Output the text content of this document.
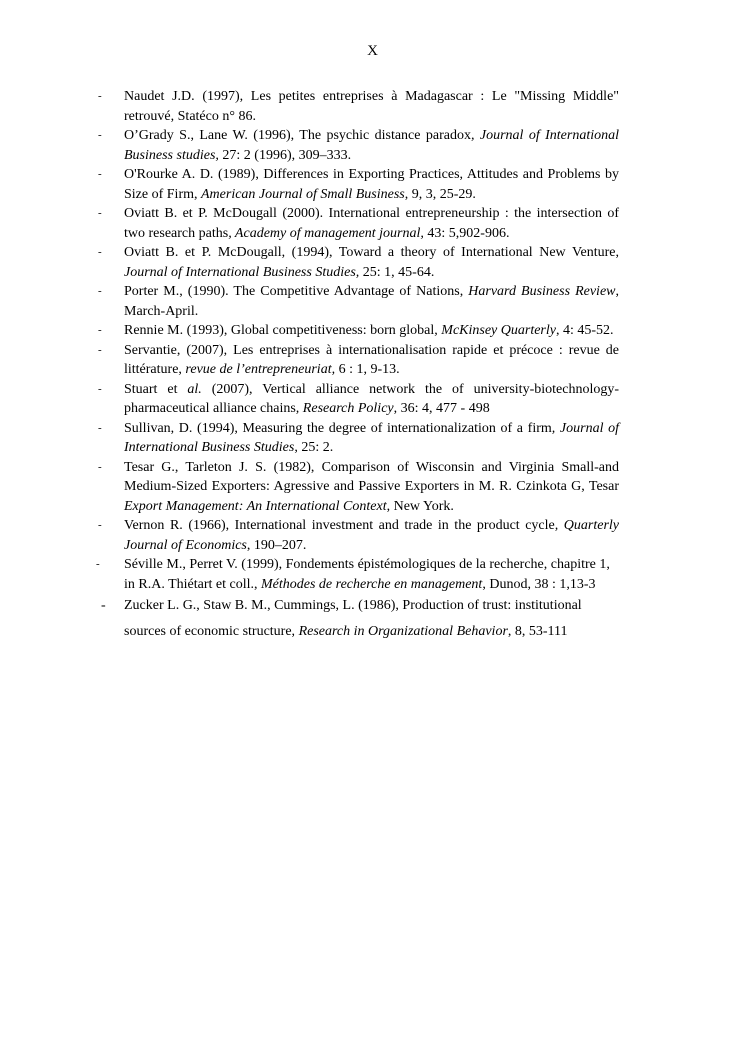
X
- Naudet J.D. (1997), Les petites entreprises à Madagascar : Le "Missing Middle" retrouvé, Statéco n° 86.
- O’Grady S., Lane W. (1996), The psychic distance paradox, Journal of International Business studies, 27: 2 (1996), 309–333.
- O'Rourke A. D. (1989), Differences in Exporting Practices, Attitudes and Problems by Size of Firm, American Journal of Small Business, 9, 3, 25-29.
- Oviatt B. et P. McDougall (2000). International entrepreneurship : the intersection of two research paths, Academy of management journal, 43: 5,902-906.
- Oviatt B. et P. McDougall, (1994), Toward a theory of International New Venture, Journal of International Business Studies, 25: 1, 45-64.
- Porter M., (1990). The Competitive Advantage of Nations, Harvard Business Review, March-April.
- Rennie M. (1993), Global competitiveness: born global, McKinsey Quarterly, 4: 45-52.
- Servantie, (2007), Les entreprises à internationalisation rapide et précoce : revue de littérature, revue de l’entrepreneuriat, 6 : 1, 9-13.
- Stuart et al. (2007), Vertical alliance network the of university-biotechnology-pharmaceutical alliance chains, Research Policy, 36: 4, 477 - 498
- Sullivan, D. (1994), Measuring the degree of internationalization of a firm, Journal of International Business Studies, 25: 2.
- Tesar G., Tarleton J. S. (1982), Comparison of Wisconsin and Virginia Small-and Medium-Sized Exporters: Agressive and Passive Exporters in M. R. Czinkota G, Tesar Export Management: An International Context, New York.
- Vernon R. (1966), International investment and trade in the product cycle, Quarterly Journal of Economics, 190–207.
- Séville M., Perret V. (1999), Fondements épistémologiques de la recherche, chapitre 1, in R.A. Thiétart et coll., Méthodes de recherche en management, Dunod, 38 : 1,13-3
- Zucker L. G., Staw B. M., Cummings, L. (1986), Production of trust: institutional sources of economic structure, Research in Organizational Behavior, 8, 53-111
